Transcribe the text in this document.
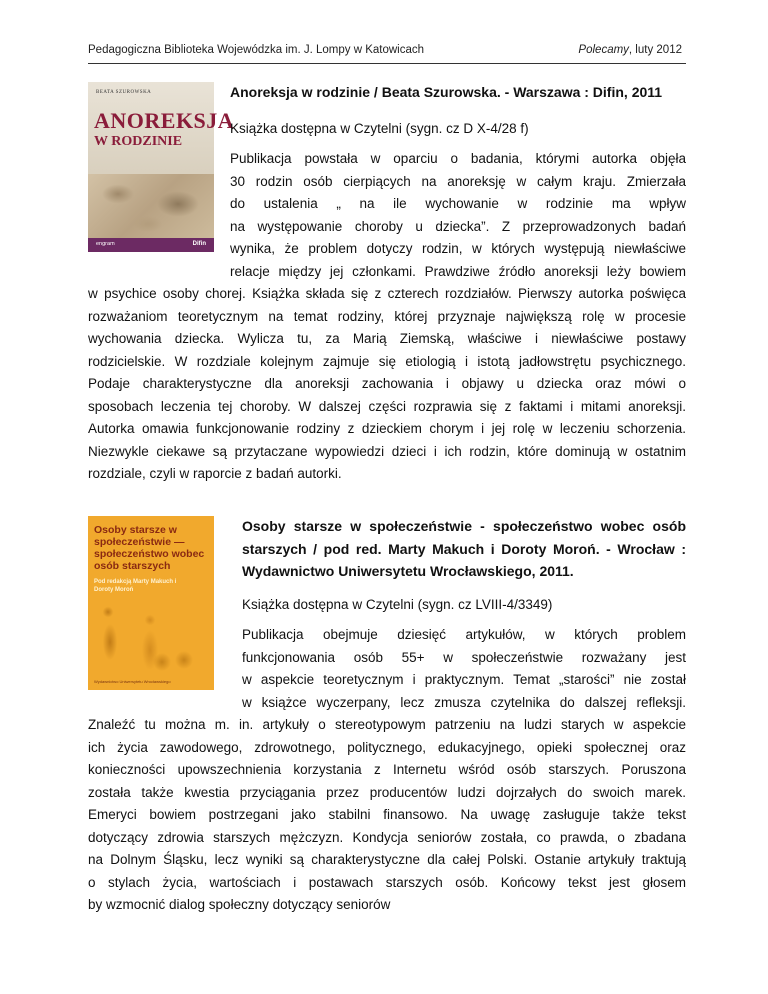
Pedagogiczna Biblioteka Wojewódzka im. J. Lompy w Katowicach	Polecamy, luty 2012
BEATA SZUROWSKA
ANOREKSJA
W RODZINIE
engram	Difin
Anoreksja w rodzinie / Beata Szurowska. - Warszawa : Difin, 2011
Książka dostępna w Czytelni (sygn. cz D X-4/28 f)
Publikacja powstała w oparciu o badania, którymi autorka objęła
30 rodzin osób cierpiących na anoreksję w całym kraju. Zmierzała
do ustalenia „ na ile wychowanie w rodzinie ma wpływ
na występowanie choroby u dziecka”. Z przeprowadzonych badań
wynika, że problem dotyczy rodzin, w których występują niewłaściwe
relacje między jej członkami. Prawdziwe źródło anoreksji leży bowiem
w psychice osoby chorej. Książka składa się z czterech rozdziałów. Pierwszy autorka poświęca
rozważaniom teoretycznym na temat rodziny, której przyznaje największą rolę w procesie
wychowania dziecka. Wylicza tu, za Marią Ziemską, właściwe i niewłaściwe postawy
rodzicielskie. W rozdziale kolejnym zajmuje się etiologią i istotą jadłowstrętu psychicznego.
Podaje charakterystyczne dla anoreksji zachowania i objawy u dziecka oraz mówi o
sposobach leczenia tej choroby. W dalszej części rozprawia się z faktami i mitami anoreksji.
Autorka omawia funkcjonowanie rodziny z dzieckiem chorym i jej rolę w leczeniu schorzenia.
Niezwykle ciekawe są przytaczane wypowiedzi dzieci i ich rodzin, które dominują w ostatnim
rozdziale, czyli w raporcie z badań autorki.
Osoby starsze w społeczeństwie — społeczeństwo wobec osób starszych
Pod redakcją Marty Makuch i Doroty Moroń
Wydawnictwo Uniwersytetu Wrocławskiego
Osoby starsze w społeczeństwie - społeczeństwo wobec osób
starszych / pod red. Marty Makuch i Doroty Moroń. - Wrocław :
Wydawnictwo Uniwersytetu Wrocławskiego, 2011.
Książka dostępna w Czytelni (sygn. cz LVIII-4/3349)
Publikacja obejmuje dziesięć artykułów, w których problem
funkcjonowania osób 55+ w społeczeństwie rozważany jest
w aspekcie teoretycznym i praktycznym. Temat „starości” nie został
w książce wyczerpany, lecz zmusza czytelnika do dalszej refleksji.
Znaleźć tu można m. in. artykuły o stereotypowym patrzeniu na ludzi starych w aspekcie
ich życia zawodowego, zdrowotnego, politycznego, edukacyjnego, opieki społecznej oraz
konieczności upowszechnienia korzystania z Internetu wśród osób starszych. Poruszona
została także kwestia przyciągania przez producentów ludzi dojrzałych do swoich marek.
Emeryci bowiem postrzegani jako stabilni finansowo. Na uwagę zasługuje także tekst
dotyczący zdrowia starszych mężczyzn. Kondycja seniorów została, co prawda, o zbadana
na Dolnym Śląsku, lecz wyniki są charakterystyczne dla całej Polski. Ostanie artykuły traktują
o stylach życia, wartościach i postawach starszych osób. Końcowy tekst jest głosem
by wzmocnić dialog społeczny dotyczący seniorów
